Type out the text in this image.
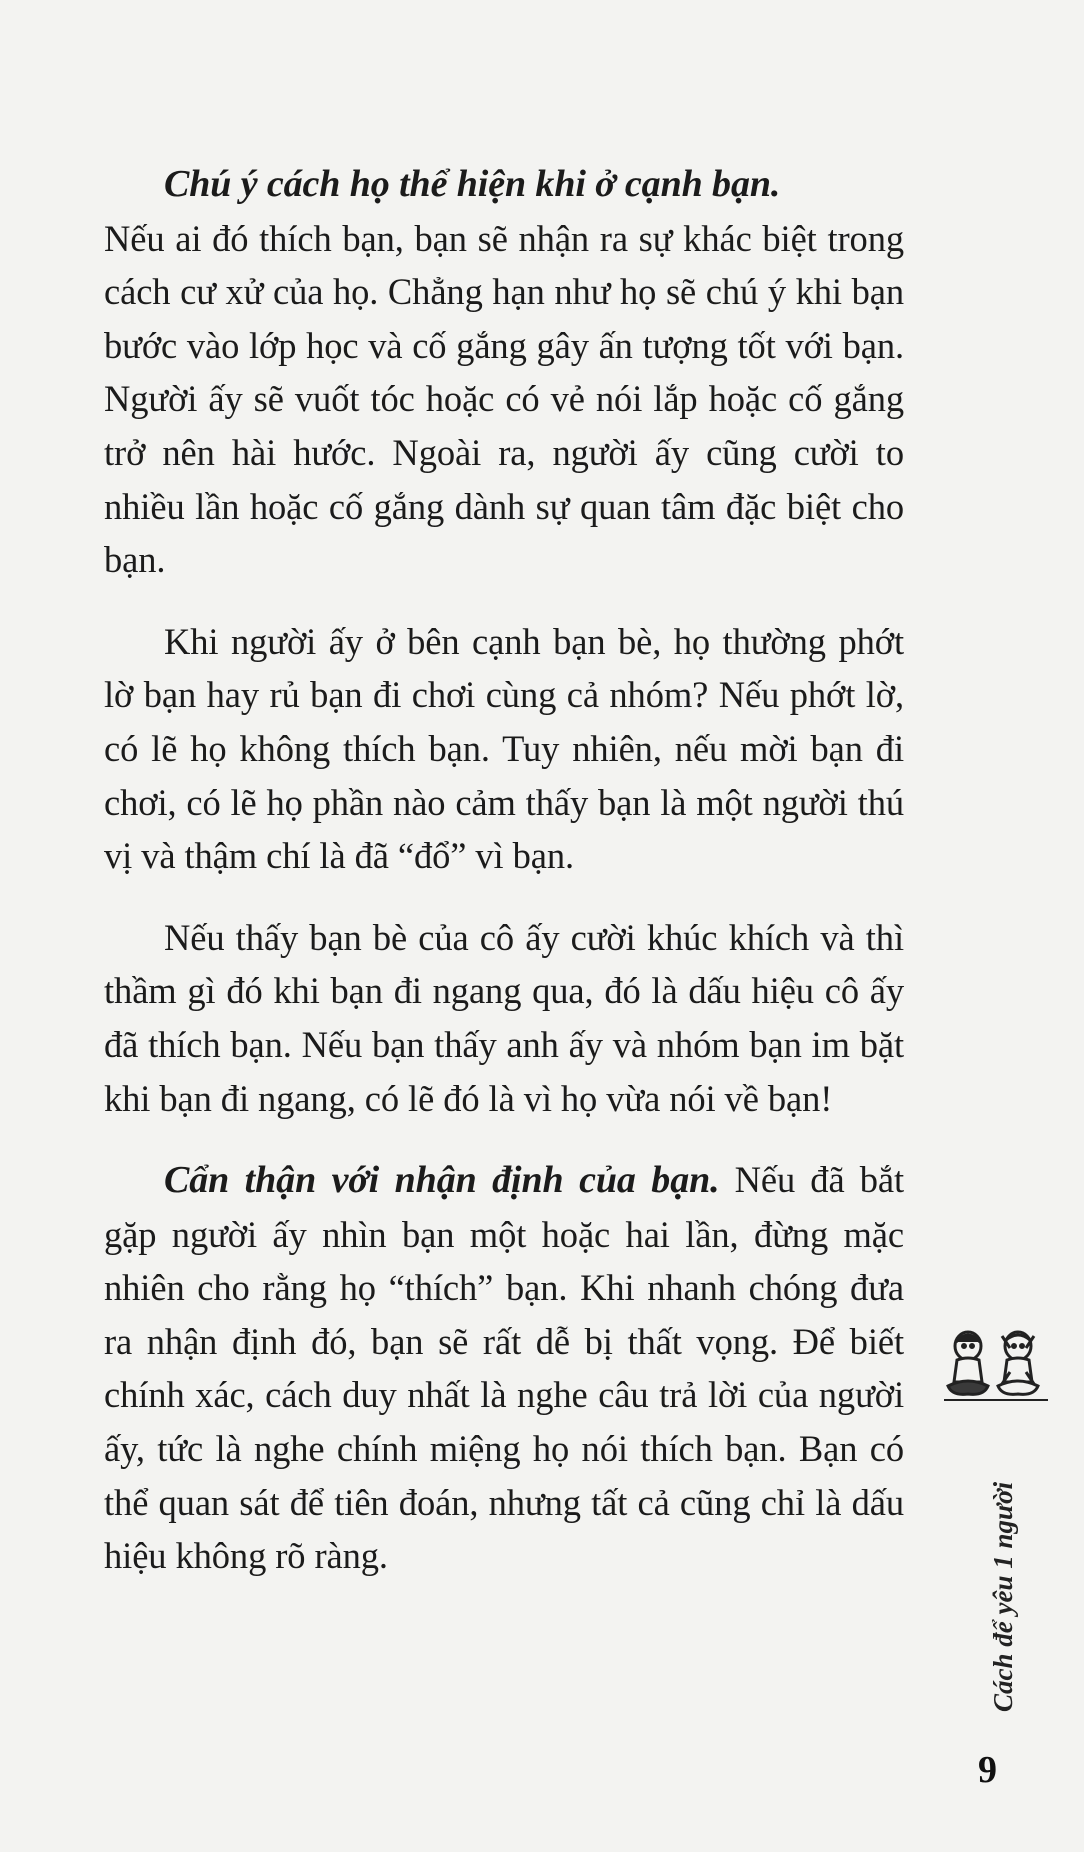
Chú ý cách họ thể hiện khi ở cạnh bạn.
Nếu ai đó thích bạn, bạn sẽ nhận ra sự khác biệt trong cách cư xử của họ. Chẳng hạn như họ sẽ chú ý khi bạn bước vào lớp học và cố gắng gây ấn tượng tốt với bạn. Người ấy sẽ vuốt tóc hoặc có vẻ nói lắp hoặc cố gắng trở nên hài hước. Ngoài ra, người ấy cũng cười to nhiều lần hoặc cố gắng dành sự quan tâm đặc biệt cho bạn.

Khi người ấy ở bên cạnh bạn bè, họ thường phớt lờ bạn hay rủ bạn đi chơi cùng cả nhóm? Nếu phớt lờ, có lẽ họ không thích bạn. Tuy nhiên, nếu mời bạn đi chơi, có lẽ họ phần nào cảm thấy bạn là một người thú vị và thậm chí là đã “đổ” vì bạn.

Nếu thấy bạn bè của cô ấy cười khúc khích và thì thầm gì đó khi bạn đi ngang qua, đó là dấu hiệu cô ấy đã thích bạn. Nếu bạn thấy anh ấy và nhóm bạn im bặt khi bạn đi ngang, có lẽ đó là vì họ vừa nói về bạn!

Cẩn thận với nhận định của bạn. Nếu đã bắt gặp người ấy nhìn bạn một hoặc hai lần, đừng mặc nhiên cho rằng họ “thích” bạn. Khi nhanh chóng đưa ra nhận định đó, bạn sẽ rất dễ bị thất vọng. Để biết chính xác, cách duy nhất là nghe câu trả lời của người ấy, tức là nghe chính miệng họ nói thích bạn. Bạn có thể quan sát để tiên đoán, nhưng tất cả cũng chỉ là dấu hiệu không rõ ràng.	Cách để yêu 1 người
9
